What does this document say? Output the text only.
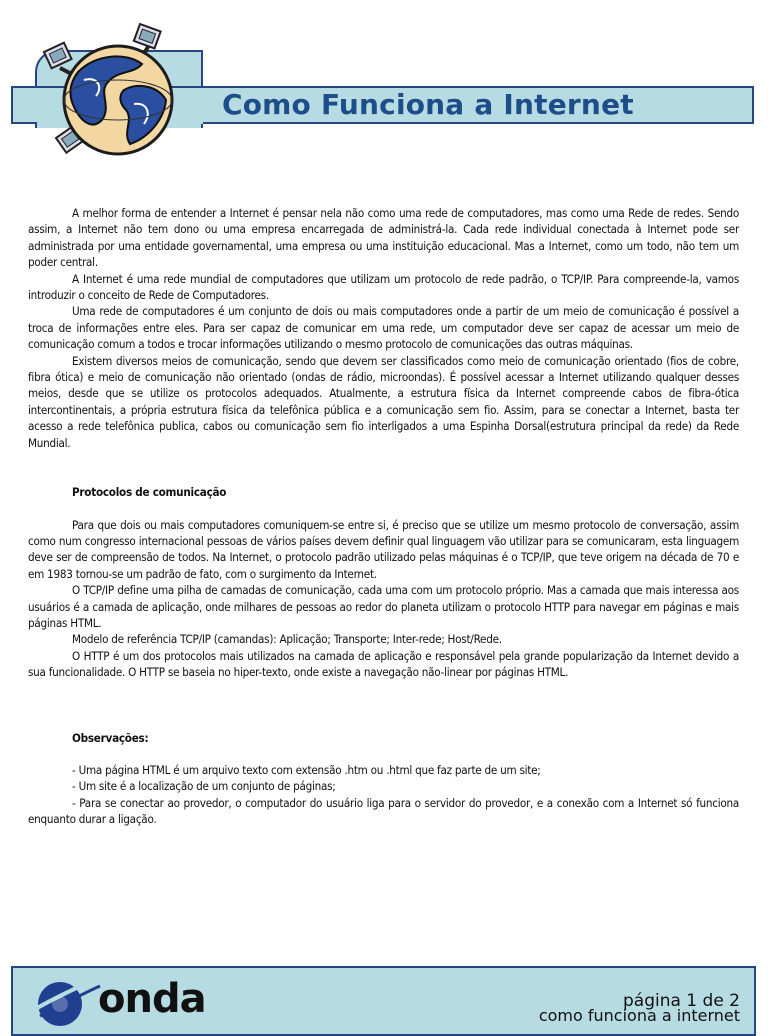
Como Funciona a Internet

A melhor forma de entender a Internet é pensar nela não como uma rede de computadores, mas como uma Rede de redes. Sendo assim, a Internet não tem dono ou uma empresa encarregada de administrá-la. Cada rede individual conectada à Internet pode ser administrada por uma entidade governamental, uma empresa ou uma instituição educacional. Mas a Internet, como um todo, não tem um poder central.

A Internet é uma rede mundial de computadores que utilizam um protocolo de rede padrão, o TCP/IP. Para compreende-la, vamos introduzir o conceito de Rede de Computadores.

Uma rede de computadores é um conjunto de dois ou mais computadores onde a partir de um meio de comunicação é possível a troca de informações entre eles. Para ser capaz de comunicar em uma rede, um computador deve ser capaz de acessar um meio de comunicação comum a todos e trocar informações utilizando o mesmo protocolo de comunicações das outras máquinas.

Existem diversos meios de comunicação, sendo que devem ser classificados como meio de comunicação orientado (fios de cobre, fibra ótica) e meio de comunicação não orientado (ondas de rádio, microondas). É possível acessar a Internet utilizando qualquer desses meios, desde que se utilize os protocolos adequados. Atualmente, a estrutura física da Internet compreende cabos de fibra-ótica intercontinentais, a própria estrutura física da telefônica pública e a comunicação sem fio. Assim, para se conectar a Internet, basta ter acesso a rede telefônica publica, cabos ou comunicação sem fio interligados a uma Espinha Dorsal(estrutura principal da rede) da Rede Mundial.

Protocolos de comunicação

Para que dois ou mais computadores comuniquem-se entre si, é preciso que se utilize um mesmo protocolo de conversação, assim como num congresso internacional pessoas de vários países devem definir qual linguagem vão utilizar para se comunicaram, esta linguagem deve ser de compreensão de todos. Na Internet, o protocolo padrão utilizado pelas máquinas é o TCP/IP, que teve origem na década de 70 e em 1983 tornou-se um padrão de fato, com o surgimento da Internet.

O TCP/IP define uma pilha de camadas de comunicação, cada uma com um protocolo próprio. Mas a camada que mais interessa aos usuários é a camada de aplicação, onde milhares de pessoas ao redor do planeta utilizam o protocolo HTTP para navegar em páginas e mais páginas HTML.

Modelo de referência TCP/IP (camandas): Aplicação; Transporte; Inter-rede; Host/Rede.

O HTTP é um dos protocolos mais utilizados na camada de aplicação e responsável pela grande popularização da Internet devido a sua funcionalidade. O HTTP se baseia no hiper-texto, onde existe a navegação não-linear por páginas HTML.

Observações:

- Uma página HTML é um arquivo texto com extensão .htm ou .html que faz parte de um site;

- Um site é a localização de um conjunto de páginas;

- Para se conectar ao provedor, o computador do usuário liga para o servidor do provedor, e a conexão com a Internet só funciona enquanto durar a ligação.

onda	página 1 de 2
como funciona a internet
